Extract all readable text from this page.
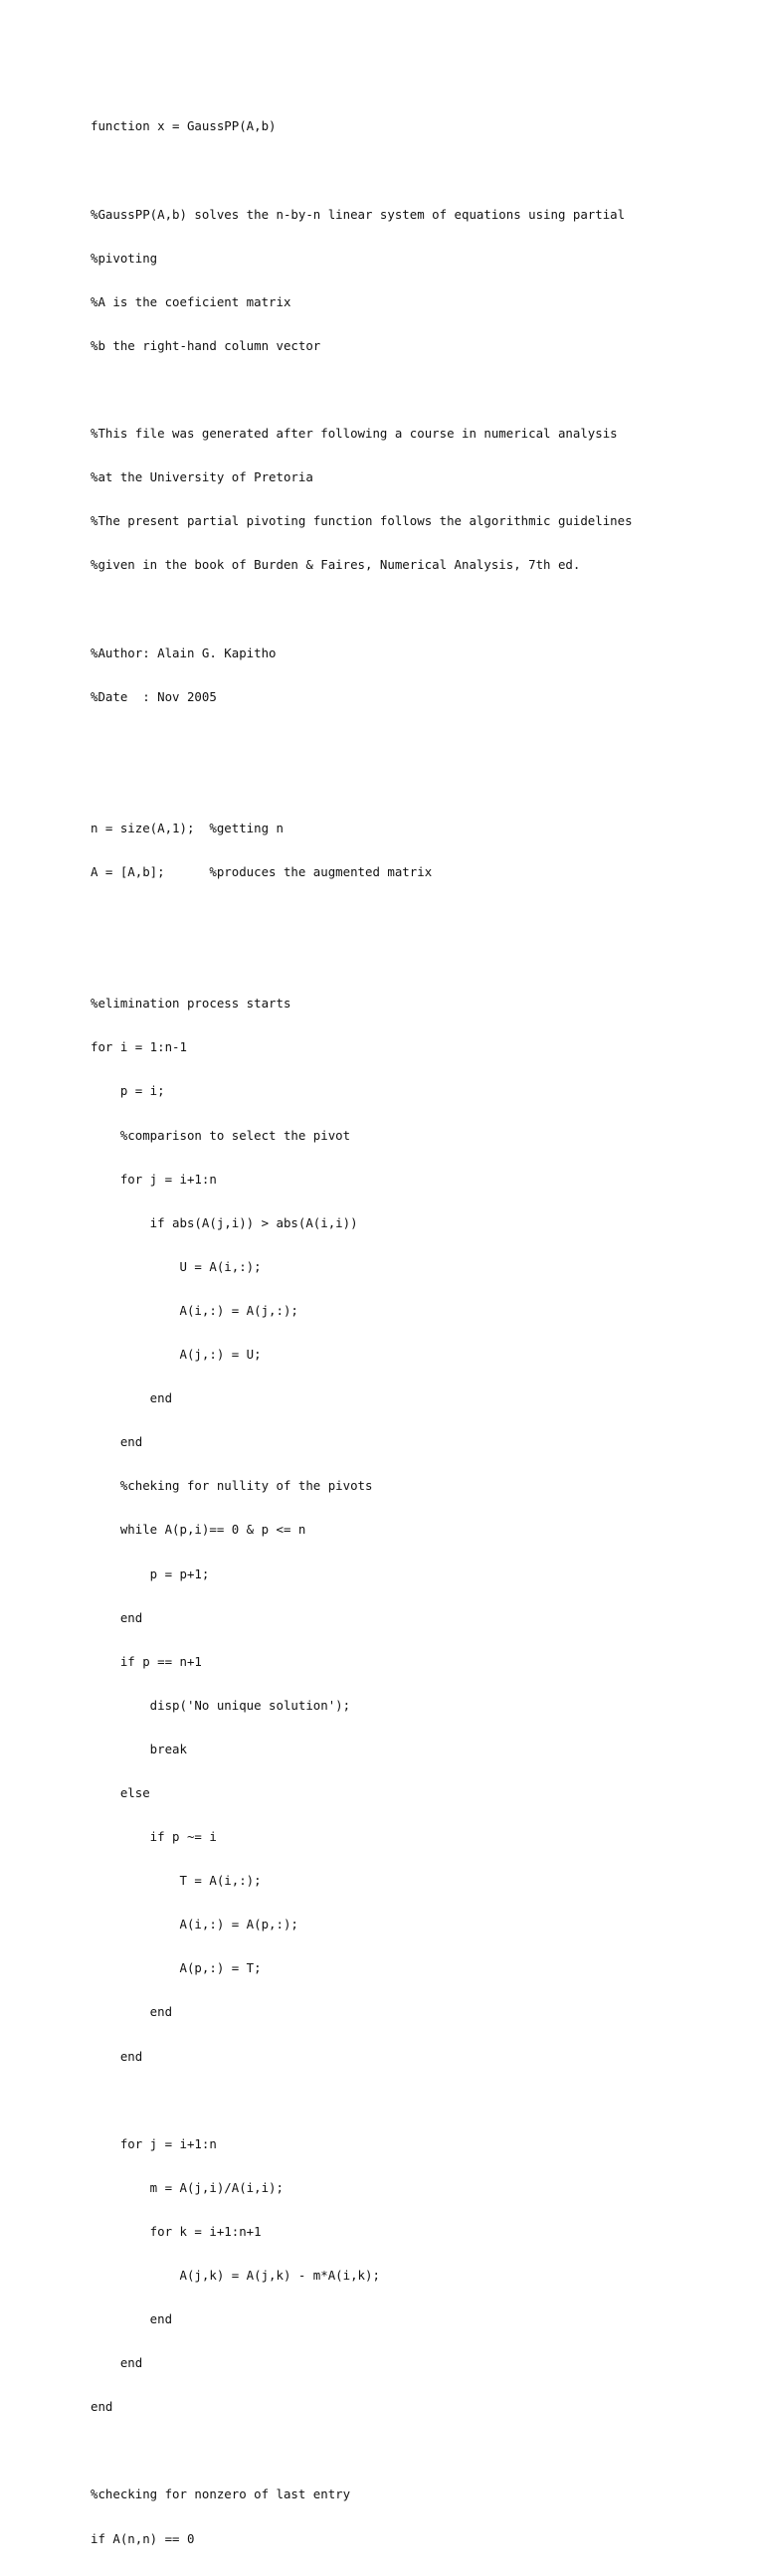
function x = GaussPP(A,b)

%GaussPP(A,b) solves the n-by-n linear system of equations using partial

%pivoting

%A is the coeficient matrix

%b the right-hand column vector

%This file was generated after following a course in numerical analysis

%at the University of Pretoria

%The present partial pivoting function follows the algorithmic guidelines

%given in the book of Burden & Faires, Numerical Analysis, 7th ed.

%Author: Alain G. Kapitho

%Date  : Nov 2005

n = size(A,1);  %getting n

A = [A,b];      %produces the augmented matrix

%elimination process starts

for i = 1:n-1

p = i;

%comparison to select the pivot

for j = i+1:n

if abs(A(j,i)) > abs(A(i,i))

U = A(i,:);

A(i,:) = A(j,:);

A(j,:) = U;

end

end

%cheking for nullity of the pivots

while A(p,i)== 0 & p <= n

p = p+1;

end

if p == n+1

disp('No unique solution');

break

else

if p ~= i

T = A(i,:);

A(i,:) = A(p,:);

A(p,:) = T;

end

end

for j = i+1:n

m = A(j,i)/A(i,i);

for k = i+1:n+1

A(j,k) = A(j,k) - m*A(i,k);

end

end

end

%checking for nonzero of last entry

if A(n,n) == 0
